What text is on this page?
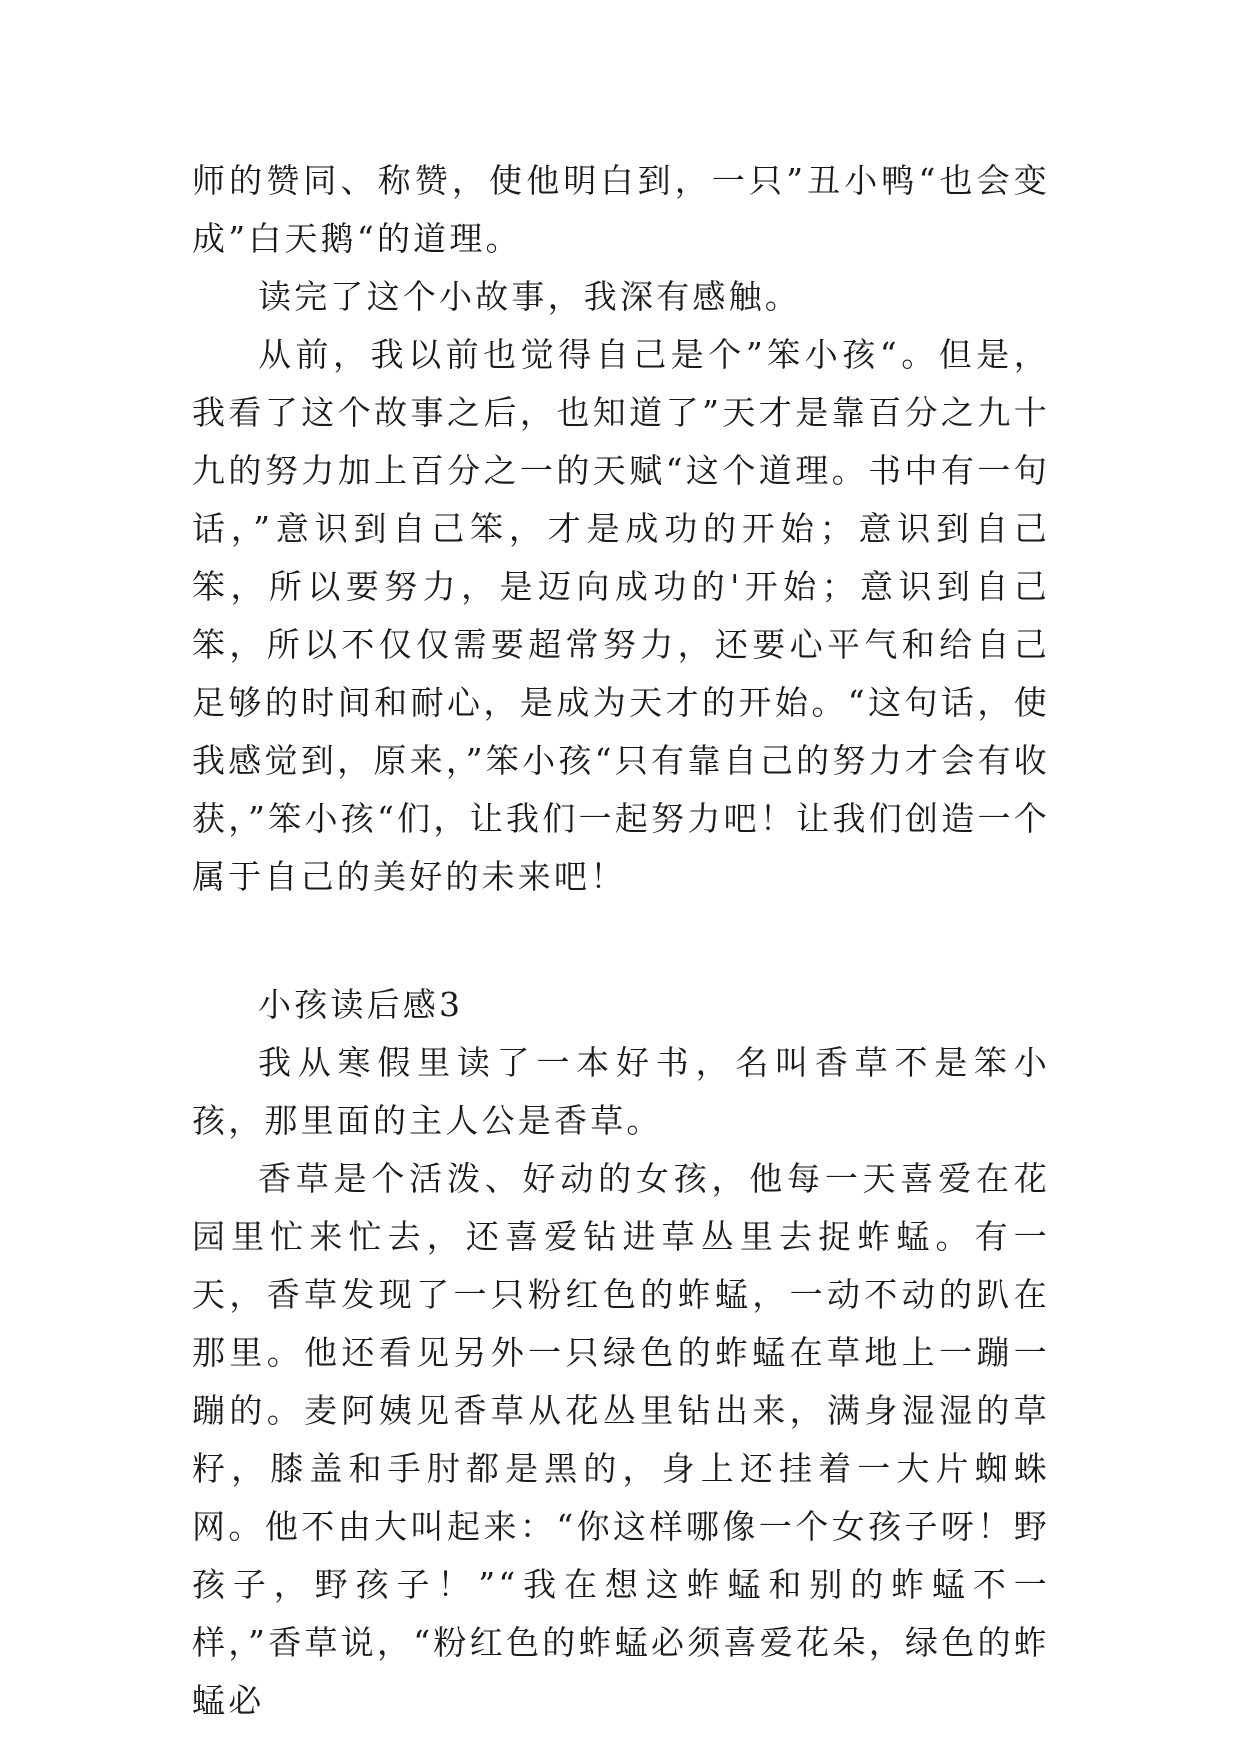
师的赞同、称赞，使他明白到，一只”丑小鸭“也会变成”白天鹅“的道理。

读完了这个小故事，我深有感触。

从前，我以前也觉得自己是个”笨小孩“。但是，我看了这个故事之后，也知道了”天才是靠百分之九十九的努力加上百分之一的天赋“这个道理。书中有一句话，”意识到自己笨，才是成功的开始；意识到自己笨，所以要努力，是迈向成功的'开始；意识到自己笨，所以不仅仅需要超常努力，还要心平气和给自己足够的时间和耐心，是成为天才的开始。“这句话，使我感觉到，原来，”笨小孩“只有靠自己的努力才会有收获，”笨小孩“们，让我们一起努力吧！让我们创造一个属于自己的美好的未来吧！

小孩读后感3

我从寒假里读了一本好书，名叫香草不是笨小孩，那里面的主人公是香草。

香草是个活泼、好动的女孩，他每一天喜爱在花园里忙来忙去，还喜爱钻进草丛里去捉蚱蜢。有一天，香草发现了一只粉红色的蚱蜢，一动不动的趴在那里。他还看见另外一只绿色的蚱蜢在草地上一蹦一蹦的。麦阿姨见香草从花丛里钻出来，满身湿湿的草籽，膝盖和手肘都是黑的，身上还挂着一大片蜘蛛网。他不由大叫起来：“你这样哪像一个女孩子呀！野孩子，野孩子！”“我在想这蚱蜢和别的蚱蜢不一样，”香草说，“粉红色的蚱蜢必须喜爱花朵，绿色的蚱蜢必
